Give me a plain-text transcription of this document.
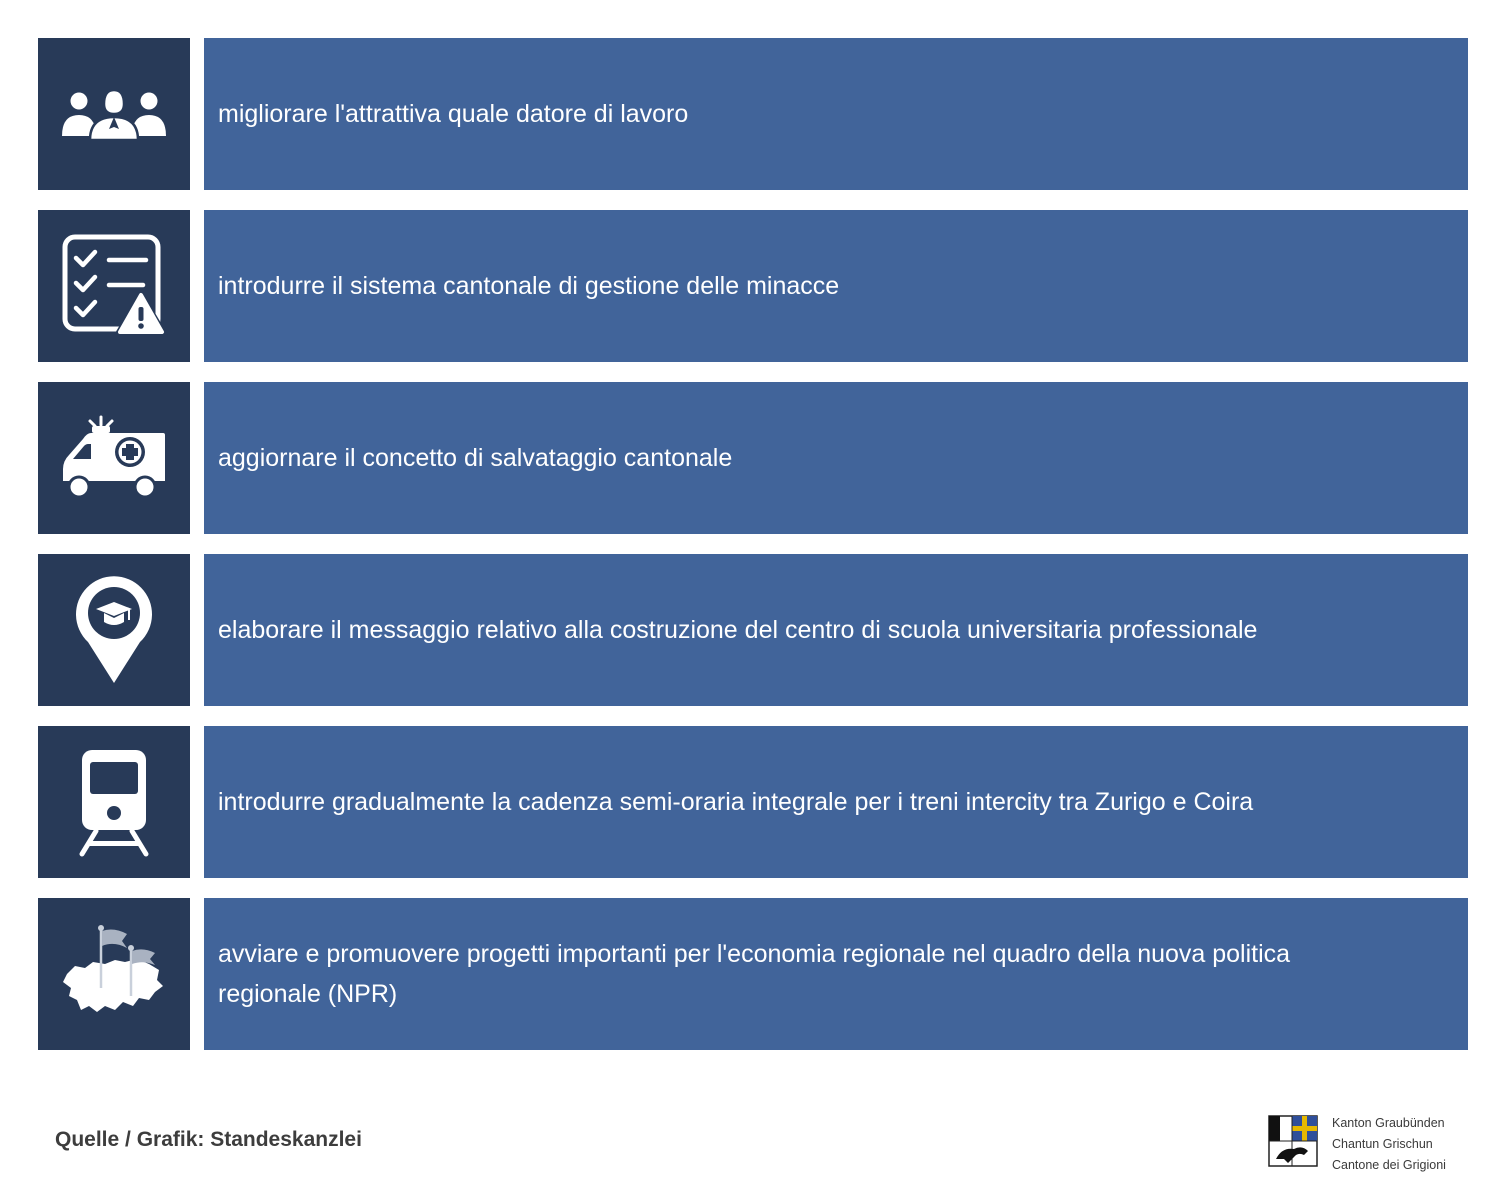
migliorare l'attrattiva quale datore di lavoro
introdurre il sistema cantonale di gestione delle minacce
aggiornare il concetto di salvataggio cantonale
elaborare il messaggio relativo alla costruzione del centro di scuola universitaria professionale
introdurre gradualmente la cadenza semi-oraria integrale per i treni intercity tra Zurigo e Coira
avviare e promuovere progetti importanti per l'economia regionale nel quadro della nuova politica regionale (NPR)
Quelle / Grafik: Standeskanzlei
Kanton Graubünden
Chantun Grischun
Cantone dei Grigioni
